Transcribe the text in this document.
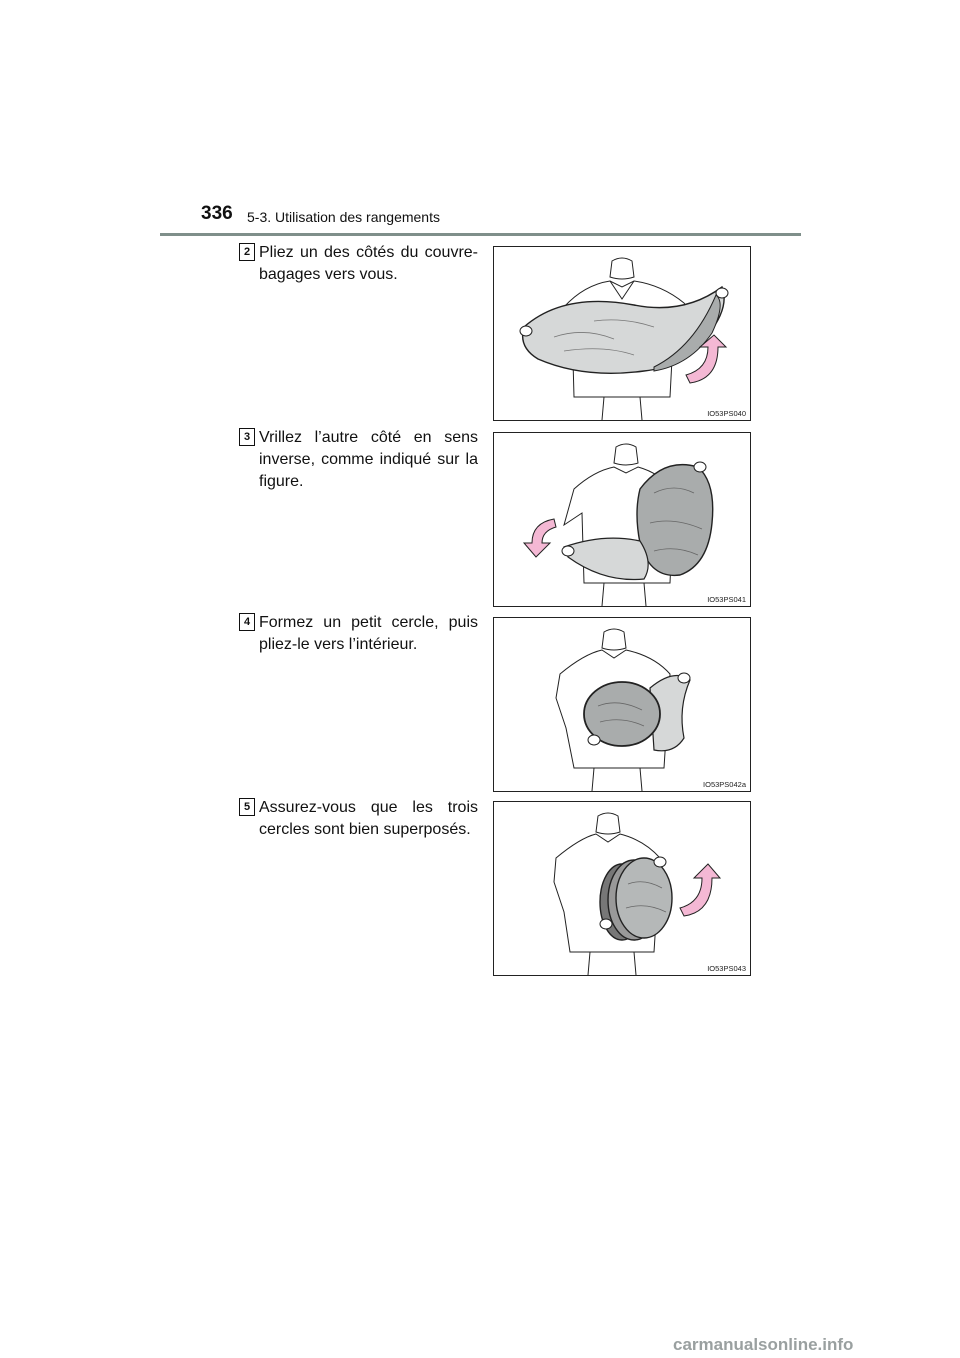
336 5-3. Utilisation des rangements
2 Pliez un des côtés du couvre-bagages vers vous.
IO53PS040
3 Vrillez l’autre côté en sens inverse, comme indiqué sur la figure.
IO53PS041
4 Formez un petit cercle, puis pliez-le vers l’intérieur.
IO53PS042a
5 Assurez-vous que les trois cercles sont bien superposés.
IO53PS043
carmanualsonline.info
